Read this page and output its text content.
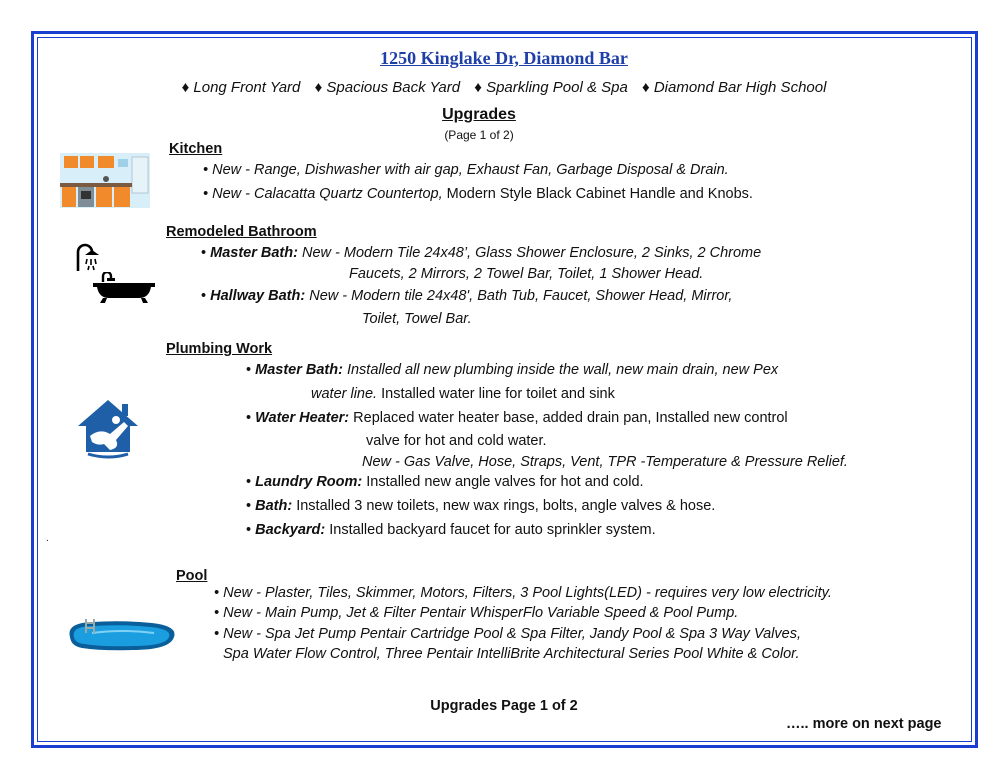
1250 Kinglake Dr, Diamond Bar
♦ Long Front Yard ♦ Spacious Back Yard ♦ Sparkling Pool & Spa ♦ Diamond Bar High School
Upgrades
(Page 1 of 2)
Kitchen
• New - Range, Dishwasher with air gap, Exhaust Fan, Garbage Disposal & Drain.
• New - Calacatta Quartz Countertop, Modern Style Black Cabinet Handle and Knobs.
Remodeled Bathroom
• Master Bath: New - Modern Tile 24x48’, Glass Shower Enclosure, 2 Sinks, 2 Chrome
Faucets, 2 Mirrors, 2 Towel Bar, Toilet, 1 Shower Head.
• Hallway Bath: New - Modern tile 24x48', Bath Tub, Faucet, Shower Head, Mirror,
Toilet, Towel Bar.
Plumbing Work
• Master Bath: Installed all new plumbing inside the wall, new main drain, new Pex
water line. Installed water line for toilet and sink
• Water Heater: Replaced water heater base, added drain pan, Installed new control
valve for hot and cold water.
New - Gas Valve, Hose, Straps, Vent, TPR -Temperature & Pressure Relief.
• Laundry Room: Installed new angle valves for hot and cold.
• Bath: Installed 3 new toilets, new wax rings, bolts, angle valves & hose.
• Backyard: Installed backyard faucet for auto sprinkler system.
.
Pool
• New - Plaster, Tiles, Skimmer, Motors, Filters, 3 Pool Lights(LED) - requires very low electricity.
• New - Main Pump, Jet & Filter Pentair WhisperFlo Variable Speed & Pool Pump.
• New - Spa Jet Pump Pentair Cartridge Pool & Spa Filter, Jandy Pool & Spa 3 Way Valves,
Spa Water Flow Control, Three Pentair IntelliBrite Architectural Series Pool White & Color.
Upgrades Page 1 of 2
….. more on next page
